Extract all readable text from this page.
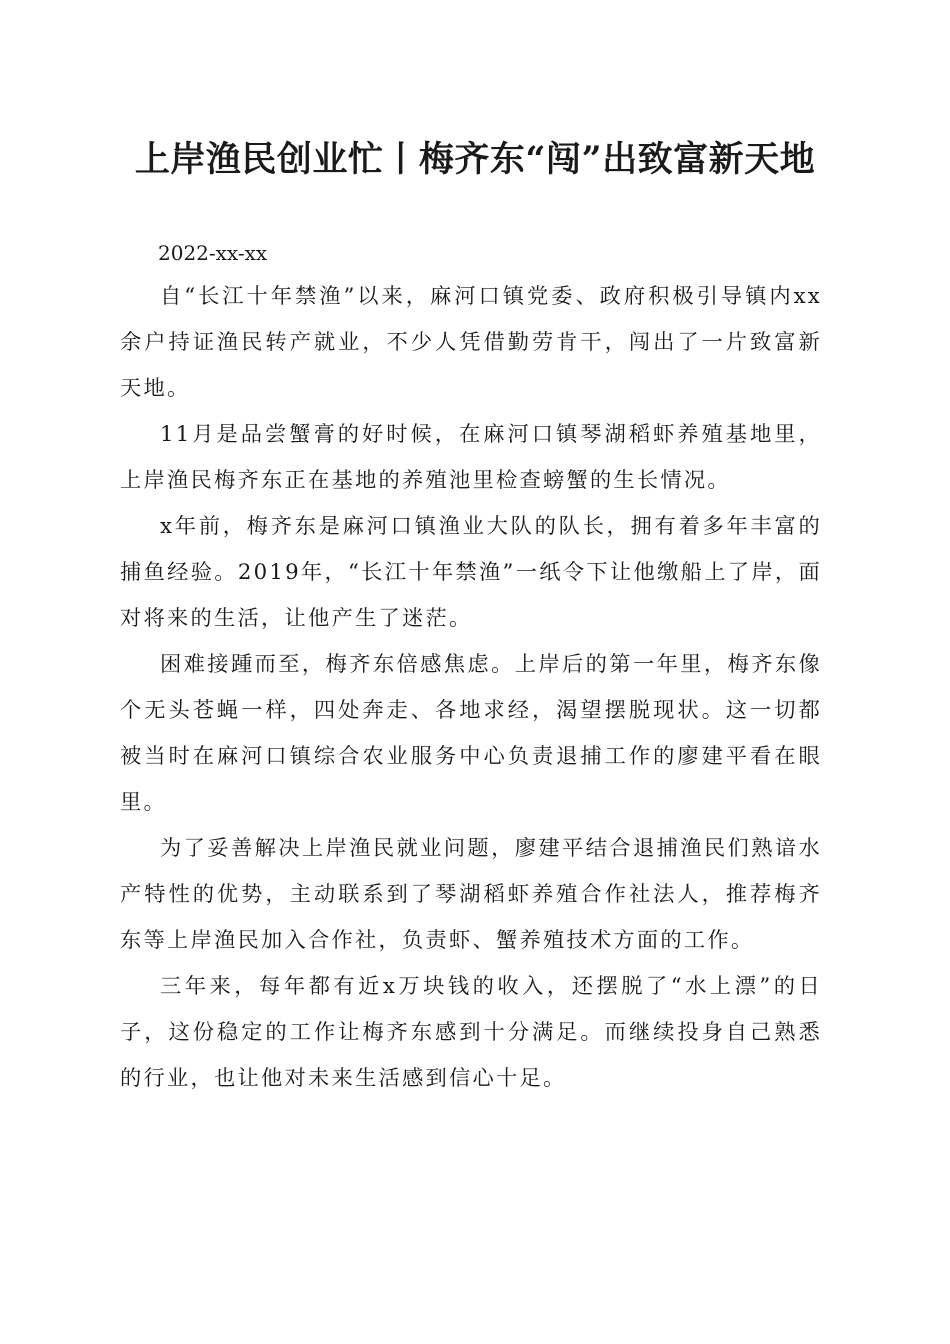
上岸渔民创业忙丨梅齐东“闯”出致富新天地

2022-xx-xx

自“长江十年禁渔”以来，麻河口镇党委、政府积极引导镇内xx余户持证渔民转产就业，不少人凭借勤劳肯干，闯出了一片致富新天地。

11月是品尝蟹膏的好时候，在麻河口镇琴湖稻虾养殖基地里，上岸渔民梅齐东正在基地的养殖池里检查螃蟹的生长情况。

x年前，梅齐东是麻河口镇渔业大队的队长，拥有着多年丰富的捕鱼经验。2019年，“长江十年禁渔”一纸令下让他缴船上了岸，面对将来的生活，让他产生了迷茫。

困难接踵而至，梅齐东倍感焦虑。上岸后的第一年里，梅齐东像个无头苍蝇一样，四处奔走、各地求经，渴望摆脱现状。这一切都被当时在麻河口镇综合农业服务中心负责退捕工作的廖建平看在眼里。

为了妥善解决上岸渔民就业问题，廖建平结合退捕渔民们熟谙水产特性的优势，主动联系到了琴湖稻虾养殖合作社法人，推荐梅齐东等上岸渔民加入合作社，负责虾、蟹养殖技术方面的工作。

三年来，每年都有近x万块钱的收入，还摆脱了“水上漂”的日子，这份稳定的工作让梅齐东感到十分满足。而继续投身自己熟悉的行业，也让他对未来生活感到信心十足。
